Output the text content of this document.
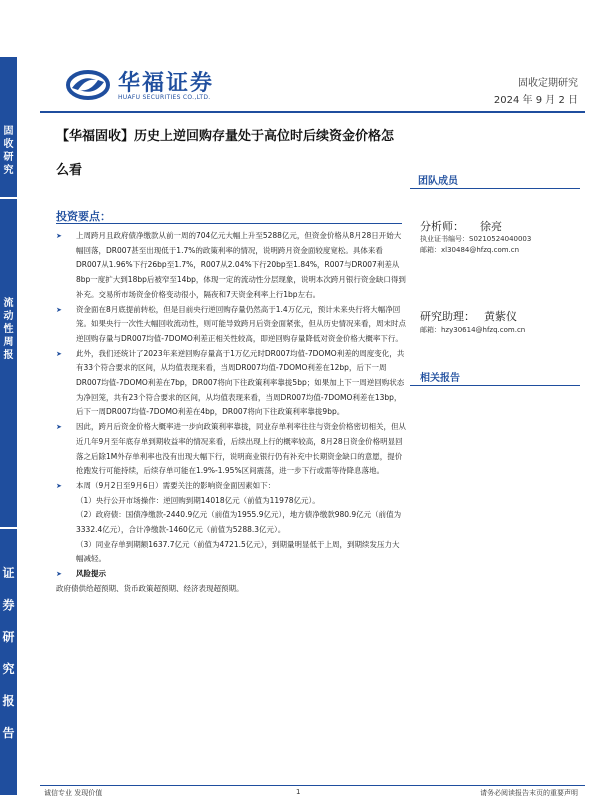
固
收
研
究
流
动
性
周
报
证
券
研
究
报
告
华福证券
HUAFU SECURITIES CO.,LTD.
固收定期研究
2024 年 9 月 2 日
【华福固收】历史上逆回购存量处于高位时后续资金价格怎么看
团队成员
分析师： 徐亮
执业证书编号：S0210524040003
邮箱：xl30484@hfzq.com.cn
研究助理： 黄紫仪
邮箱：hzy30614@hfzq.com.cn
相关报告
投资要点：
➤	上周跨月且政府债净缴款从前一周的704亿元大幅上升至5288亿元，但资金价格从8月28日开始大幅回落，DR007甚至出现低于1.7%的政策利率的情况，说明跨月资金面较度宽松。具体来看DR007从1.96%下行26bp至1.7%，R007从2.04%下行20bp至1.84%，R007与DR007利差从8bp一度扩大到18bp后被窄至14bp，体现一定的流动性分层现象，说明本次跨月银行资金缺口得到补充。交易所市场资金价格变动很小，隔夜和7天资金利率上行1bp左右。
➤	资金面在8月底提前转松，但是目前央行逆回购存量仍然高于1.4万亿元，预计未来央行将大幅净回笼。如果央行一次性大幅回收流动性，则可能导致跨月后资金面紧张，但从历史情况来看，周末时点逆回购存量与DR007均值-7DOMO利差正相关性较高，即逆回购存量降低对资金价格大概率下行。
➤	此外，我们还统计了2023年来逆回购存量高于1万亿元时DR007均值-7DOMO利差的周度变化，共有33个符合要求的区间，从均值表现来看，当周DR007均值-7DOMO利差在12bp，后下一周DR007均值-7DOMO利差在7bp，DR007将向下往政策利率靠拢5bp；如果加上下一周逆回购状态为净回笼，共有23个符合要求的区间，从均值表现来看，当周DR007均值-7DOMO利差在13bp，后下一周DR007均值-7DOMO利差在4bp，DR007将向下往政策利率靠拢9bp。
➤	因此，跨月后资金价格大概率进一步向政策利率靠拢，同业存单利率往往与资金价格密切相关，但从近几年9月至年底存单到期收益率的情况来看，后续出现上行的概率较高，8月28日资金价格明显回落之后除1M外存单利率也没有出现大幅下行，说明商业银行仍有补充中长期资金缺口的意愿，提价抢跑发行可能持续，后续存单可能在1.9%-1.95%区间震荡，进一步下行或需等待降息落地。
➤	本周（9月2日至9月6日）需要关注的影响资金面因素如下：
（1）央行公开市场操作：逆回购到期14018亿元（前值为11978亿元）。
（2）政府债：国债净缴款-2440.9亿元（前值为1955.9亿元），地方债净缴款980.9亿元（前值为3332.4亿元），合计净缴款-1460亿元（前值为5288.3亿元）。
（3）同业存单到期额1637.7亿元（前值为4721.5亿元），到期量明显低于上周，到期续发压力大幅减轻。
➤	风险提示
政府债供给超预期、货币政策超预期、经济表现超预期。
诚信专业 发现价值	1	请务必阅读报告末页的重要声明
